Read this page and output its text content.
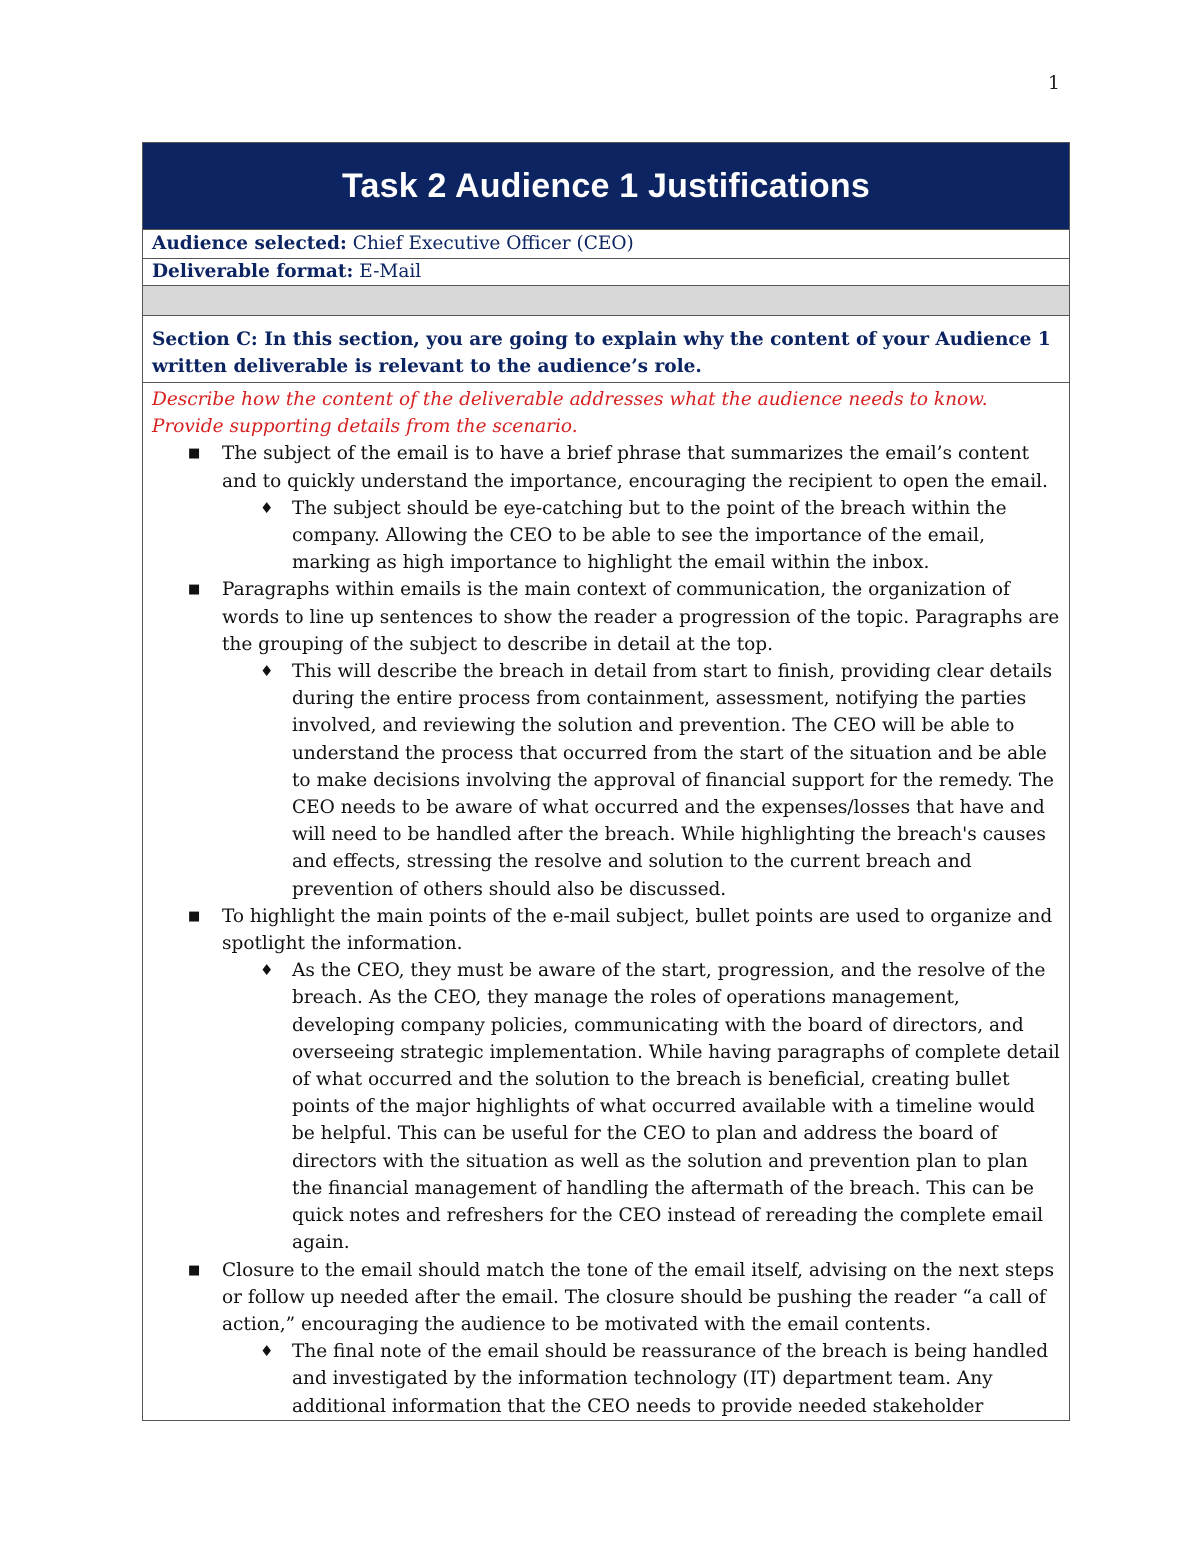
1
Task 2 Audience 1 Justifications
Audience selected: Chief Executive Officer (CEO)
Deliverable format: E-Mail
Section C: In this section, you are going to explain why the content of your Audience 1 written deliverable is relevant to the audience’s role.
Describe how the content of the deliverable addresses what the audience needs to know. Provide supporting details from the scenario.
■ The subject of the email is to have a brief phrase that summarizes the email’s content and to quickly understand the importance, encouraging the recipient to open the email.
♦ The subject should be eye-catching but to the point of the breach within the company. Allowing the CEO to be able to see the importance of the email, marking as high importance to highlight the email within the inbox.
■ Paragraphs within emails is the main context of communication, the organization of words to line up sentences to show the reader a progression of the topic. Paragraphs are the grouping of the subject to describe in detail at the top.
♦ This will describe the breach in detail from start to finish, providing clear details during the entire process from containment, assessment, notifying the parties involved, and reviewing the solution and prevention. The CEO will be able to understand the process that occurred from the start of the situation and be able to make decisions involving the approval of financial support for the remedy. The CEO needs to be aware of what occurred and the expenses/losses that have and will need to be handled after the breach. While highlighting the breach's causes and effects, stressing the resolve and solution to the current breach and prevention of others should also be discussed.
■ To highlight the main points of the e-mail subject, bullet points are used to organize and spotlight the information.
♦ As the CEO, they must be aware of the start, progression, and the resolve of the breach. As the CEO, they manage the roles of operations management, developing company policies, communicating with the board of directors, and overseeing strategic implementation. While having paragraphs of complete detail of what occurred and the solution to the breach is beneficial, creating bullet points of the major highlights of what occurred available with a timeline would be helpful. This can be useful for the CEO to plan and address the board of directors with the situation as well as the solution and prevention plan to plan the financial management of handling the aftermath of the breach. This can be quick notes and refreshers for the CEO instead of rereading the complete email again.
■ Closure to the email should match the tone of the email itself, advising on the next steps or follow up needed after the email. The closure should be pushing the reader “a call of action,” encouraging the audience to be motivated with the email contents.
♦ The final note of the email should be reassurance of the breach is being handled and investigated by the information technology (IT) department team. Any additional information that the CEO needs to provide needed stakeholder
